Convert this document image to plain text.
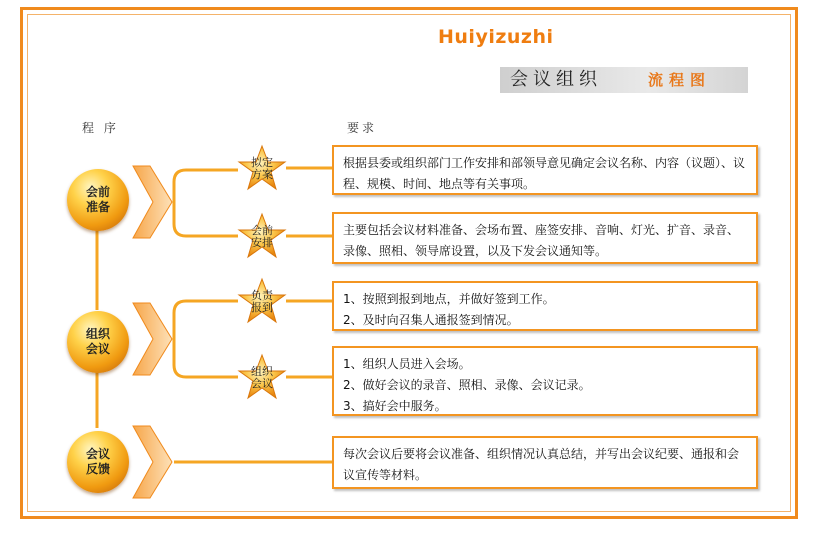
Huiyizuzhi
会议组织	流程图
程 序	要求
会前
准备
组织
会议
会议
反馈
拟定
方案
会前
安排
负责
报到
组织
会议

根据县委或组织部门工作安排和部领导意见确定会议名称、内容（议题）、议程、规模、时间、地点等有关事项。

主要包括会议材料准备、会场布置、座签安排、音响、灯光、扩音、录音、录像、照相、领导席设置，以及下发会议通知等。

1、按照到报到地点，并做好签到工作。

2、及时向召集人通报签到情况。

1、组织人员进入会场。

2、做好会议的录音、照相、录像、会议记录。

3、搞好会中服务。

每次会议后要将会议准备、组织情况认真总结，并写出会议纪要、通报和会议宣传等材料。
